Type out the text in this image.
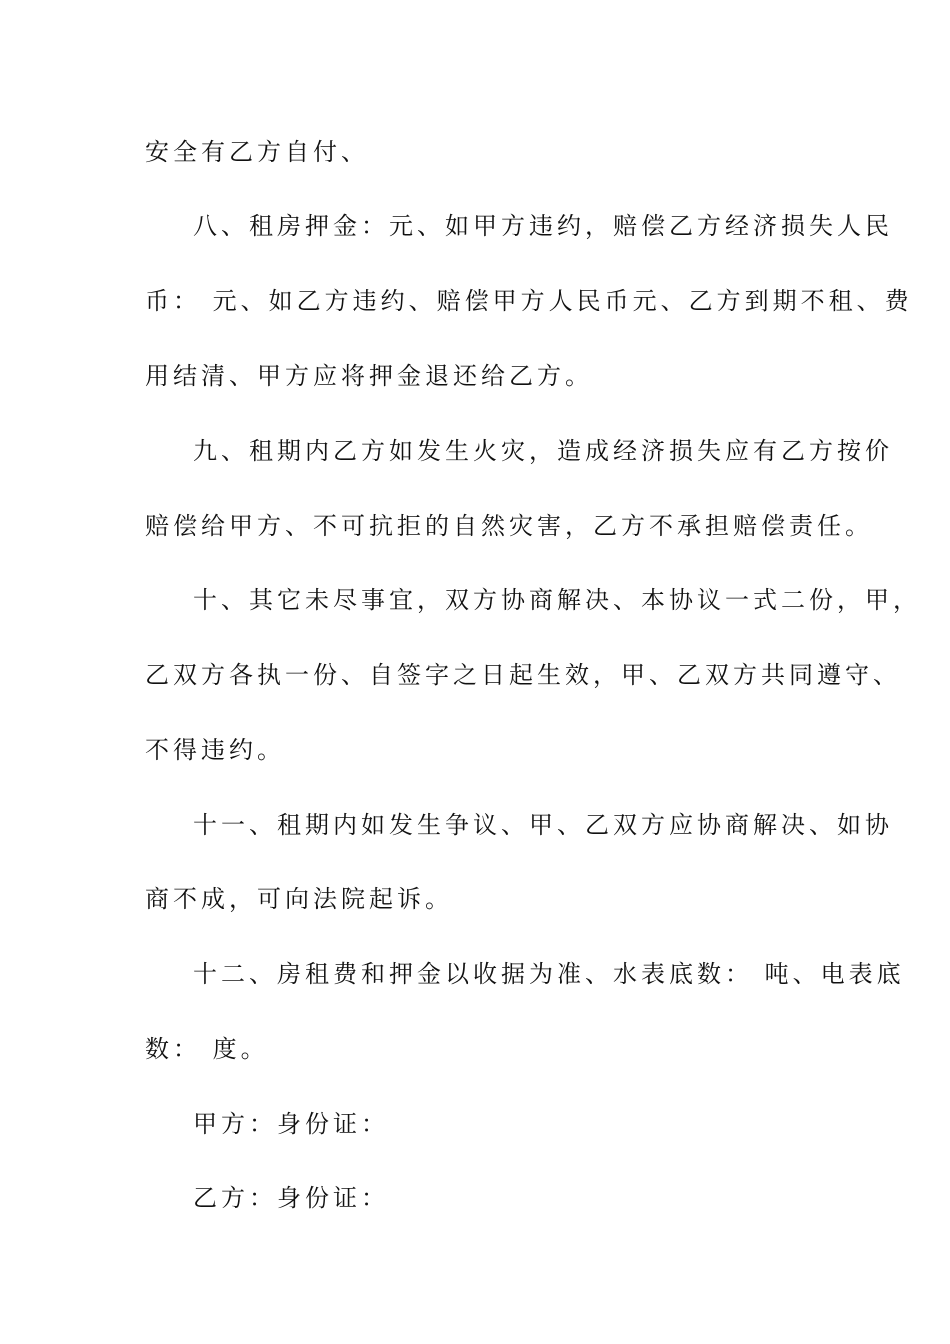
安全有乙方自付、
八、租房押金：元、如甲方违约，赔偿乙方经济损失人民
币： 元、如乙方违约、赔偿甲方人民币元、乙方到期不租、费
用结清、甲方应将押金退还给乙方。
九、租期内乙方如发生火灾，造成经济损失应有乙方按价
赔偿给甲方、不可抗拒的自然灾害，乙方不承担赔偿责任。
十、其它未尽事宜，双方协商解决、本协议一式二份，甲，
乙双方各执一份、自签字之日起生效，甲、乙双方共同遵守、
不得违约。
十一、租期内如发生争议、甲、乙双方应协商解决、如协
商不成，可向法院起诉。
十二、房租费和押金以收据为准、水表底数： 吨、电表底
数： 度。
甲方：身份证：
乙方：身份证：
